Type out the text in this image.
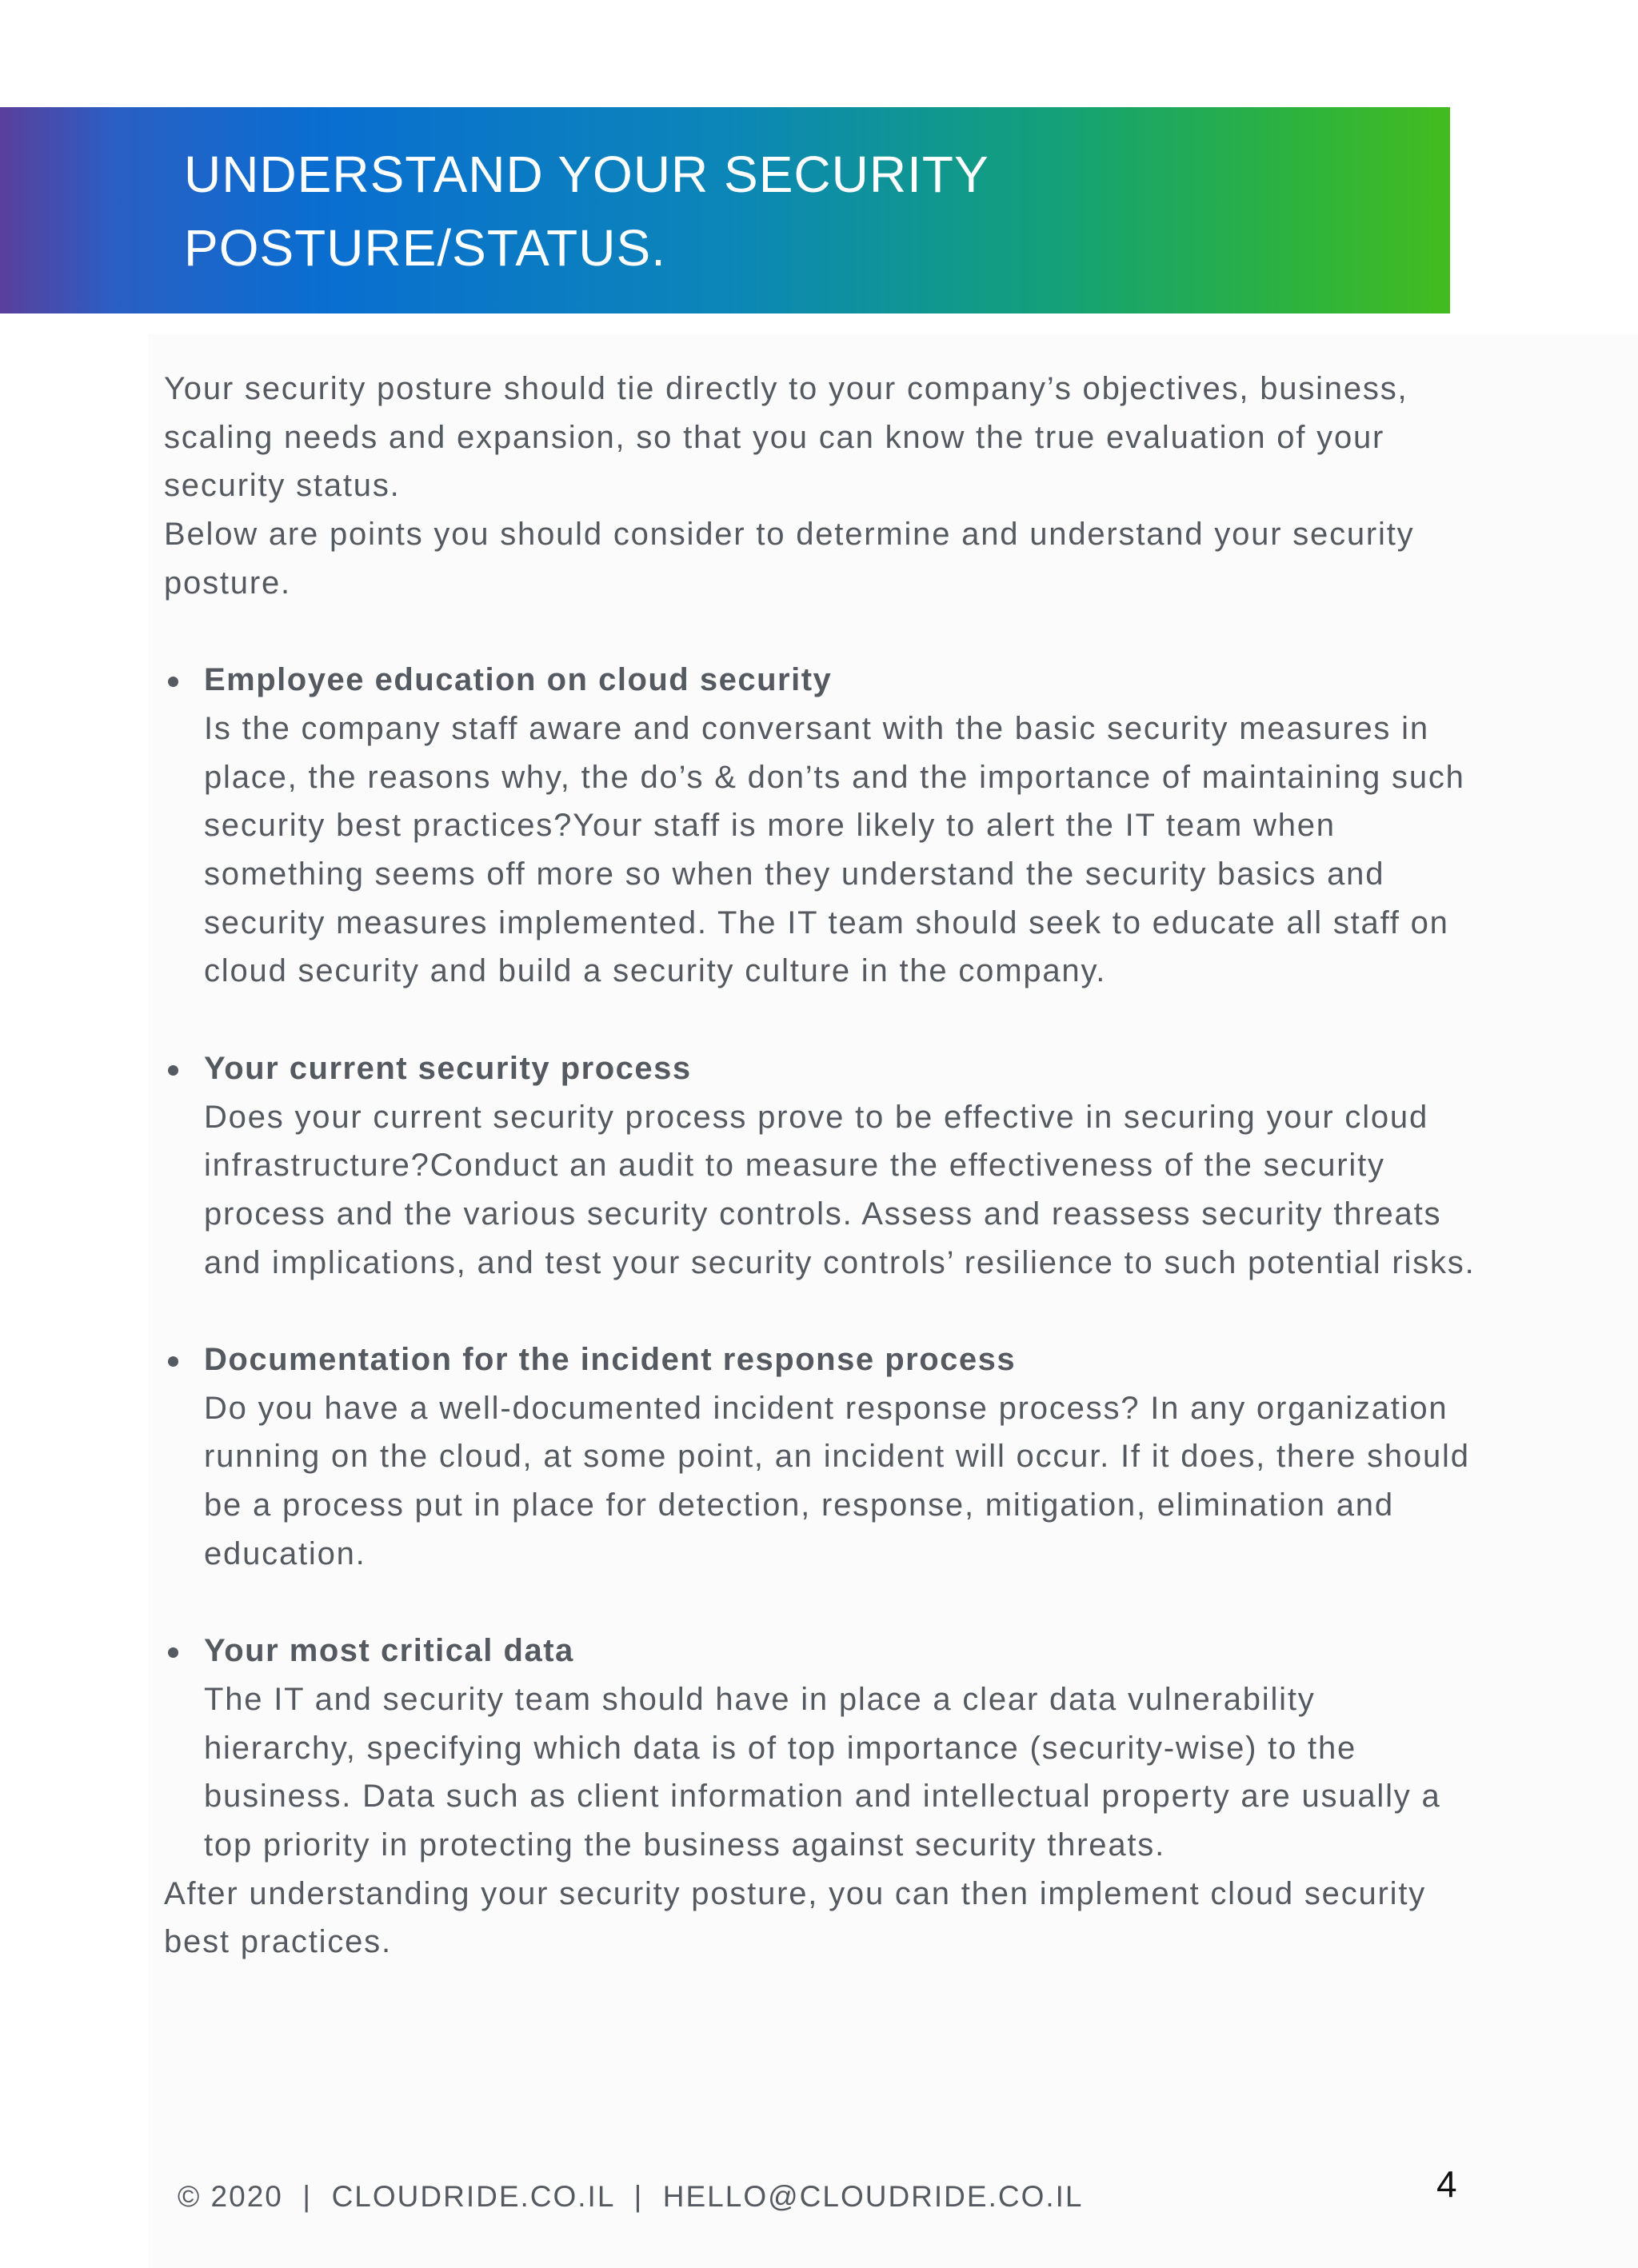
UNDERSTAND YOUR SECURITY
POSTURE/STATUS.

Your security posture should tie directly to your company’s objectives, business, scaling needs and expansion, so that you can know the true evaluation of your security status.

Below are points you should consider to determine and understand your security posture.

Employee education on cloud security
Is the company staff aware and conversant with the basic security measures in place, the reasons why, the do’s & don’ts and the importance of maintaining such security best practices?Your staff is more likely to alert the IT team when something seems off more so when they understand the security basics and security measures implemented. The IT team should seek to educate all staff on cloud security and build a security culture in the company.
Your current security process
Does your current security process prove to be effective in securing your cloud infrastructure?Conduct an audit to measure the effectiveness of the security process and the various security controls. Assess and reassess security threats and implications, and test your security controls’ resilience to such potential risks.
Documentation for the incident response process
Do you have a well-documented incident response process? In any organization running on the cloud, at some point, an incident will occur. If it does, there should be a process put in place for detection, response, mitigation, elimination and education.
Your most critical data
The IT and security team should have in place a clear data vulnerability hierarchy, specifying which data is of top importance (security-wise) to the business. Data such as client information and intellectual property are usually a top priority in protecting the business against security threats.

After understanding your security posture, you can then implement cloud security best practices.

© 2020  |  CLOUDRIDE.CO.IL  |  HELLO@CLOUDRIDE.CO.IL	4
